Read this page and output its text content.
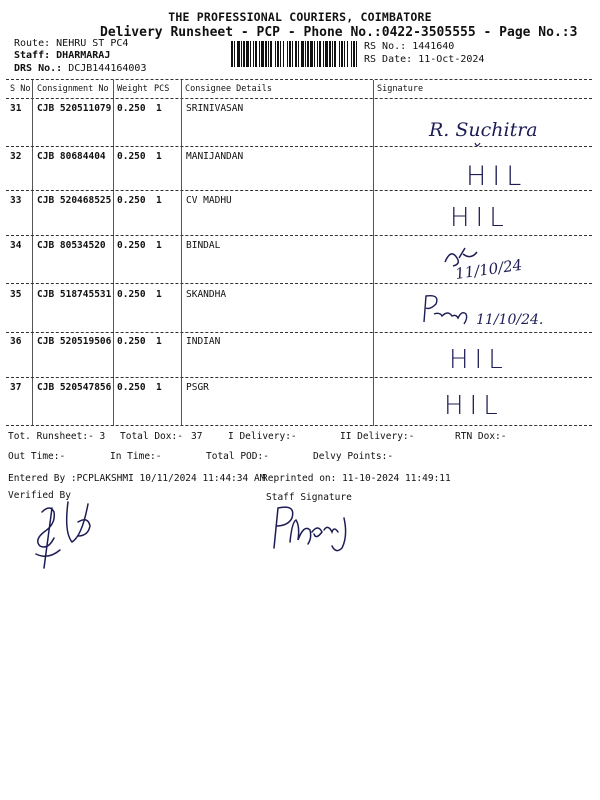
THE PROFESSIONAL COURIERS, COIMBATORE
Delivery Runsheet - PCP - Phone No.:0422-3505555 - Page No.:3
Route: NEHRU ST PC4
Staff: DHARMARAJ
DRS No.: DCJB144164003
RS No.: 1441640
RS Date: 11-Oct-2024
S No Consignment No Weight PCS Consignee Details	Signature
31 CJB 520511079 0.250 1	SRINIVASAN
R. Suchitra
32 CJB 80684404 0.250 1	MANIJANDAN
HIL
33 CJB 520468525 0.250 1	CV MADHU
HIL
34 CJB 80534520 0.250 1	BINDAL
11/10/24
35 CJB 518745531 0.250 1	SKANDHA
11/10/24.
36 CJB 520519506 0.250 1	INDIAN
HIL
37 CJB 520547856 0.250 1	PSGR
HIL
Tot. Runsheet:- 3 Total Dox:- 37	I Delivery:-	II Delivery:-	RTN Dox:-
Out Time:-	In Time:-	Total POD:-	Delvy Points:-
Entered By :PCPLAKSHMI 10/11/2024 11:44:34 AM
Reprinted on: 11-10-2024 11:49:11
Verified By	Staff Signature
